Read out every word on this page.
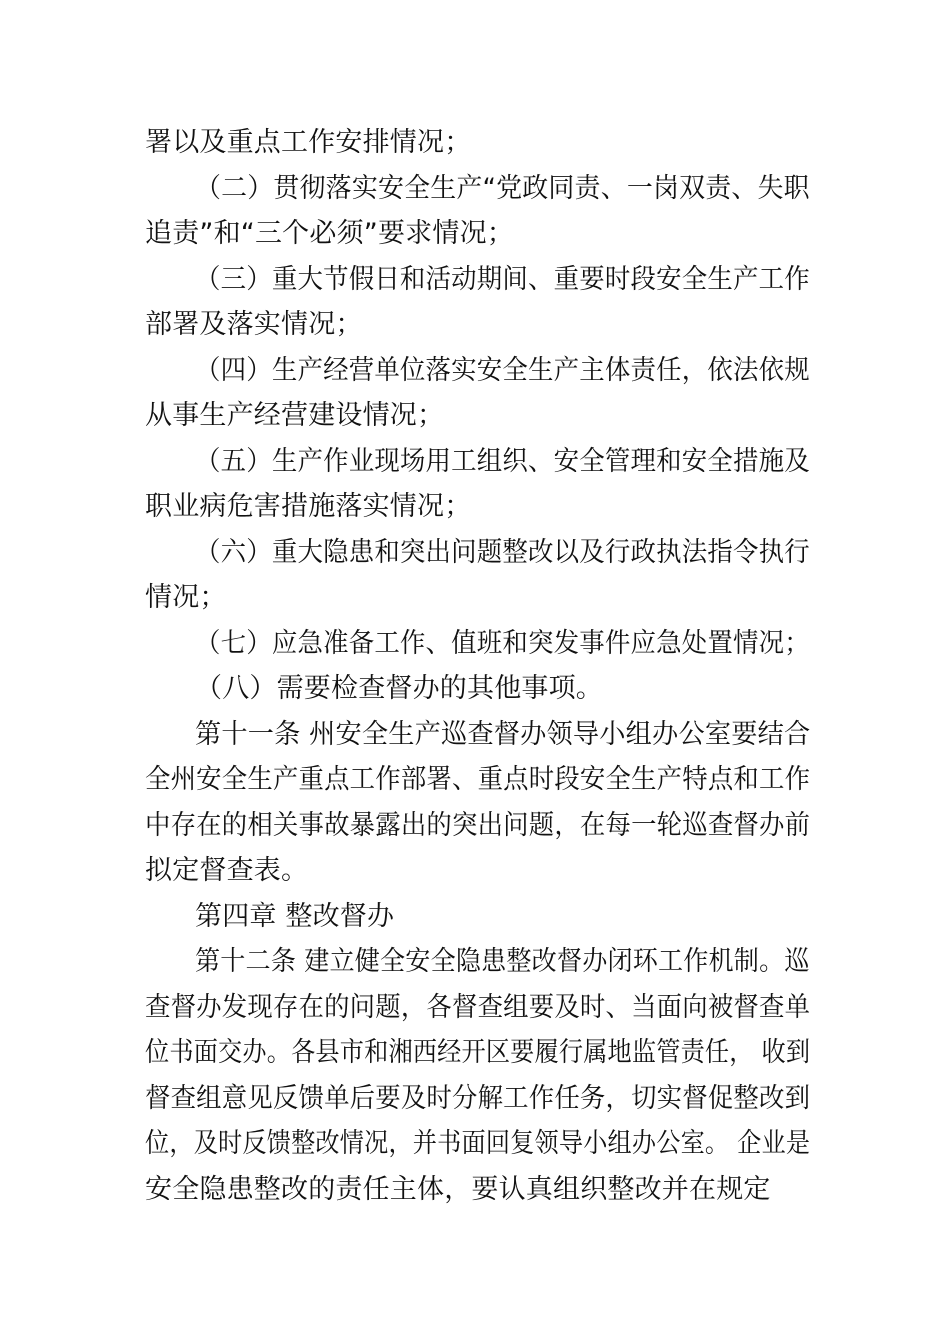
署以及重点工作安排情况；
（二）贯彻落实安全生产“党政同责、一岗双责、失职
追责”和“三个必须”要求情况；
（三）重大节假日和活动期间、重要时段安全生产工作
部署及落实情况；
（四）生产经营单位落实安全生产主体责任，依法依规
从事生产经营建设情况；
（五）生产作业现场用工组织、安全管理和安全措施及
职业病危害措施落实情况；
（六）重大隐患和突出问题整改以及行政执法指令执行
情况；
（七）应急准备工作、值班和突发事件应急处置情况；
（八）需要检查督办的其他事项。
第十一条 州安全生产巡查督办领导小组办公室要结合
全州安全生产重点工作部署、重点时段安全生产特点和工作
中存在的相关事故暴露出的突出问题，在每一轮巡查督办前
拟定督查表。
第四章 整改督办
第十二条 建立健全安全隐患整改督办闭环工作机制。巡
查督办发现存在的问题，各督查组要及时、当面向被督查单
位书面交办。各县市和湘西经开区要履行属地监管责任， 收到
督查组意见反馈单后要及时分解工作任务，切实督促整改到
位，及时反馈整改情况，并书面回复领导小组办公室。 企业是
安全隐患整改的责任主体，要认真组织整改并在规定
